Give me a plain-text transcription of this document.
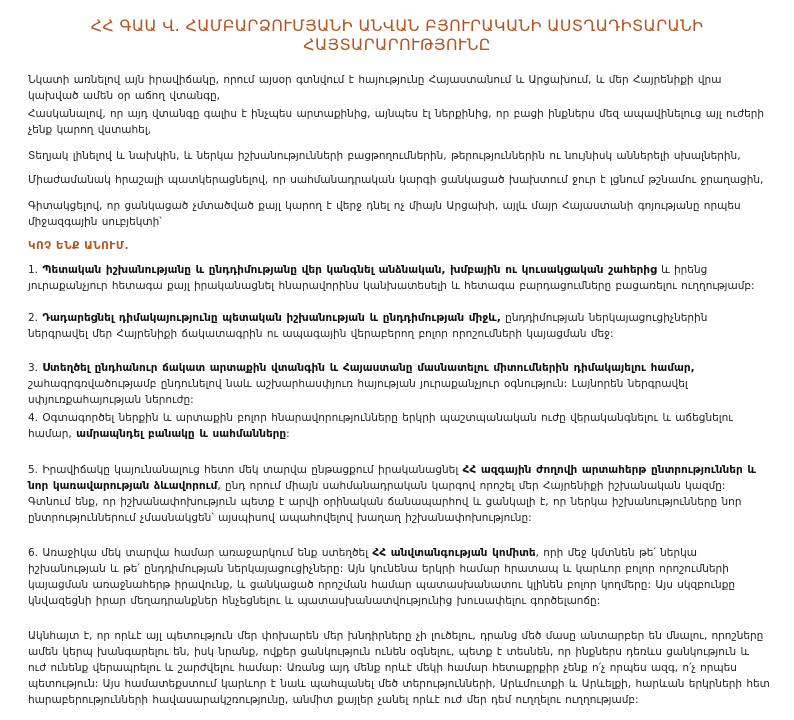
ՀՀ ԳԱԱ Վ. ՀԱՄԲԱՐՁՈՒՄՅԱՆԻ ԱՆՎԱՆ ԲՅՈՒՐԱԿԱՆԻ ԱՍՏՂԱԴԻՏԱՐԱՆԻ
ՀԱՅՏԱՐԱՐՈՒԹՅՈՒՆԸ
Նկատի առնելով այն իրավիճակը, որում այսօր գտնվում է հայությունը Հայաստանում և Արցախում, և մեր Հայրենիքի վրա կախված ամեն օր աճող վտանգը,
Հասկանալով, որ այդ վտանգը գալիս է ինչպես արտաքինից, այնպես էլ ներքինից, որ բացի ինքներս մեզ ապավինելուց այլ ուժերի չենք կարող վստահել,
Տեղյակ լինելով և նախկին, և ներկա իշխանությունների բացթողումներին, թերություններին ու նույնիսկ աններելի սխալներին,
Միաժամանակ հրաշալի պատկերացնելով, որ սահմանադրական կարգի ցանկացած խախտում ջուր է լցնում թշնամու ջրաղացին,
Գիտակցելով, որ ցանկացած չմտածված քայլ կարող է վերջ դնել ոչ միայն Արցախի, այլև մայր Հայաստանի գոյությանը որպես միջազգային սուբյեկտի՝
ԿՈՉ ԵՆՔ ԱՆՈՒՄ.
1. Պետական իշխանությանը և ընդդիմությանը վեր կանգնել անձնական, խմբային ու կուսակցական շահերից և իրենց յուրաքանչյուր հետագա քայլ իրականացնել հնարավորինս կանխատեսելի և հետագա բարդացումները բացառելու ուղղությամբ:
2. Դադարեցնել դիմակայությունը պետական իշխանության և ընդդիմության միջև, ընդդիմության ներկայացուցիչներին ներգրավել մեր Հայրենիքի ճակատագրին ու ապագային վերաբերող բոլոր որոշումների կայացման մեջ:
3. Ստեղծել ընդհանուր ճակատ արտաքին վտանգին և Հայաստանը մասնատելու միտումներին դիմակայելու համար, շահագրգռվածությամբ ընդունելով նաև աշխարհասփյուռ հայության յուրաքանչյուր օգնություն: Լայնորեն ներգրավել սփյուռքահայության ներուժը:
4. Օգտագործել ներքին և արտաքին բոլոր հնարավորությունները երկրի պաշտպանական ուժը վերականգնելու և աճեցնելու համար, ամրապնդել բանակը և սահմանները:
5. Իրավիճակը կայունանալուց հետո մեկ տարվա ընթացքում իրականացնել ՀՀ ազգային ժողովի արտահերթ ընտրություններ և նոր կառավարության ձևավորում, ընդ որում միայն սահմանադրական կարգով որոշել մեր Հայրենիքի իշխանական կազմը: Գտնում ենք, որ իշխանափոխություն պետք է արվի օրինական ճանապարհով և ցանկալի է, որ ներկա իշխանությունները նոր ընտրություններում չմասնակցեն՝ այսպիսով ապահովելով խաղաղ իշխանափոխությունը:
6. Առաջիկա մեկ տարվա համար առաջարկում ենք ստեղծել ՀՀ անվտանգության կոմիտե, որի մեջ կմտնեն թե՛ ներկա իշխանության և թե՛ ընդդիմության ներկայացուցիչները: Այն կունենա երկրի համար հրատապ և կարևոր բոլոր որոշումների կայացման առաջնահերթ իրավունք, և ցանկացած որոշման համար պատասխանատու կլինեն բոլոր կողմերը: Այս սկզբունքը կնվազեցնի իրար մեղադրանքներ հնչեցնելու և պատասխանատվությունից խուսափելու գործելաոճը:
Ակնհայտ է, որ որևէ այլ պետություն մեր փոխարեն մեր խնդիրները չի լուծելու, դրանց մեծ մասը անտարբեր են մնալու, որոշները ամեն կերպ խանգարելու են, իսկ նրանք, ովքեր ցանկություն ունեն օգնելու, պետք է տեսնեն, որ ինքներս դեռևս ցանկություն և ուժ ունենք վերապրելու և շարժվելու համար: Առանց այդ մենք որևէ մեկի համար հետաքրքիր չենք ո՛չ որպես ազգ, ո՛չ որպես պետություն: Այս համատեքստում կարևոր է նաև պահպանել մեծ տերությունների, Արևմուտքի և Արևելքի, հարևան երկրների հետ հարաբերությունների հավասարակշռությունը, անմիտ քայլեր չանել որևէ ուժ մեր դեմ ուղղելու ուղղությամբ:
